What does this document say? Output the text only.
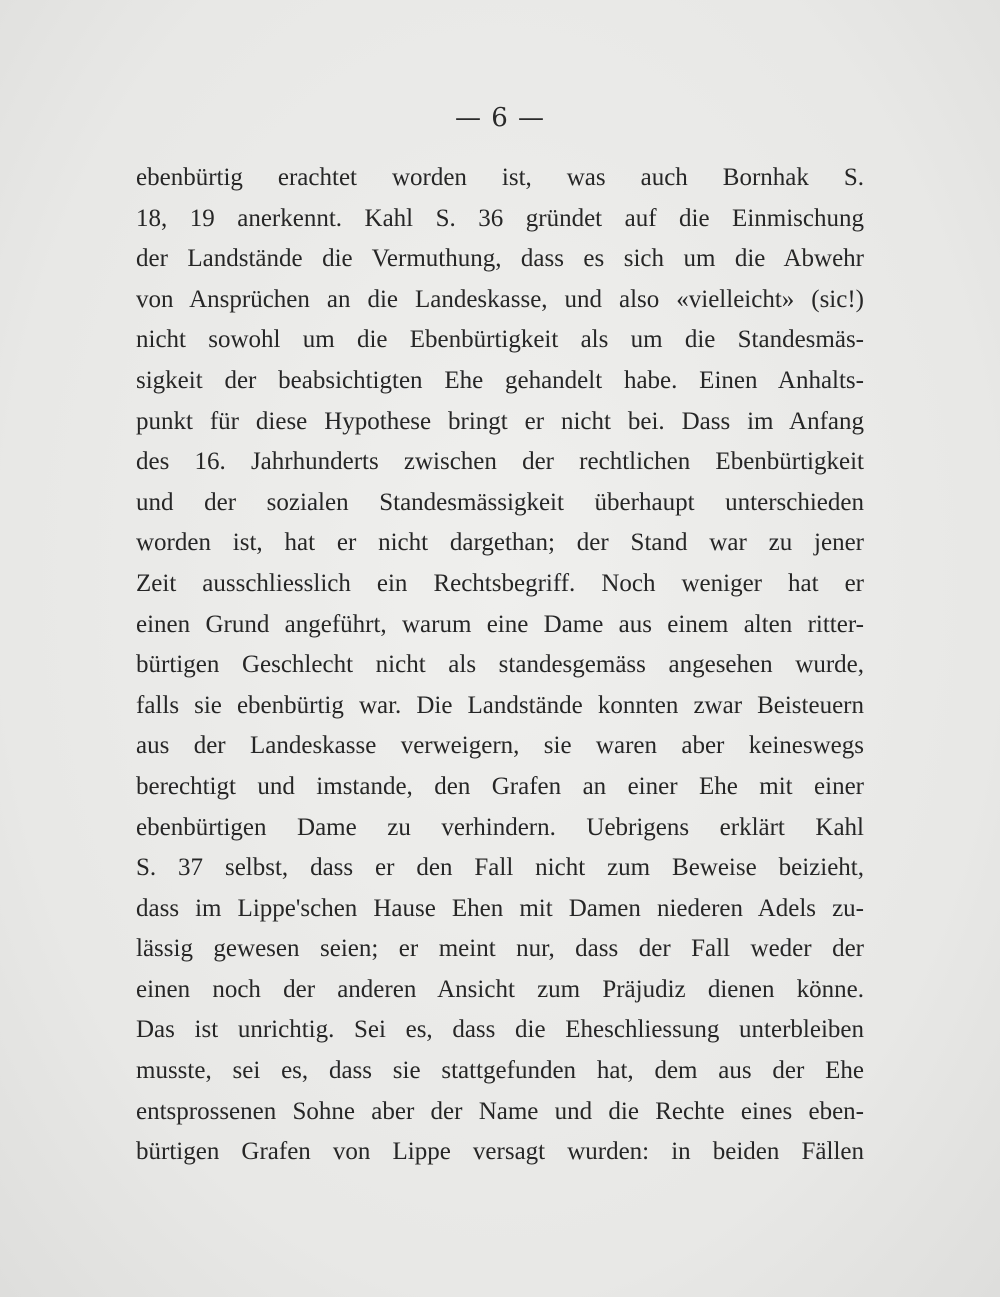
— 6 —
ebenbürtig erachtet worden ist, was auch Bornhak S.
18, 19 anerkennt. Kahl S. 36 gründet auf die Einmischung
der Landstände die Vermuthung, dass es sich um die Abwehr
von Ansprüchen an die Landeskasse, und also «vielleicht» (sic!)
nicht sowohl um die Ebenbürtigkeit als um die Standesmäs-
sigkeit der beabsichtigten Ehe gehandelt habe. Einen Anhalts-
punkt für diese Hypothese bringt er nicht bei. Dass im Anfang
des 16. Jahrhunderts zwischen der rechtlichen Ebenbürtigkeit
und der sozialen Standesmässigkeit überhaupt unterschieden
worden ist, hat er nicht dargethan; der Stand war zu jener
Zeit ausschliesslich ein Rechtsbegriff. Noch weniger hat er
einen Grund angeführt, warum eine Dame aus einem alten ritter-
bürtigen Geschlecht nicht als standesgemäss angesehen wurde,
falls sie ebenbürtig war. Die Landstände konnten zwar Beisteuern
aus der Landeskasse verweigern, sie waren aber keineswegs
berechtigt und imstande, den Grafen an einer Ehe mit einer
ebenbürtigen Dame zu verhindern. Uebrigens erklärt Kahl
S. 37 selbst, dass er den Fall nicht zum Beweise beizieht,
dass im Lippe'schen Hause Ehen mit Damen niederen Adels zu-
lässig gewesen seien; er meint nur, dass der Fall weder der
einen noch der anderen Ansicht zum Präjudiz dienen könne.
Das ist unrichtig. Sei es, dass die Eheschliessung unterbleiben
musste, sei es, dass sie stattgefunden hat, dem aus der Ehe
entsprossenen Sohne aber der Name und die Rechte eines eben-
bürtigen Grafen von Lippe versagt wurden: in beiden Fällen
